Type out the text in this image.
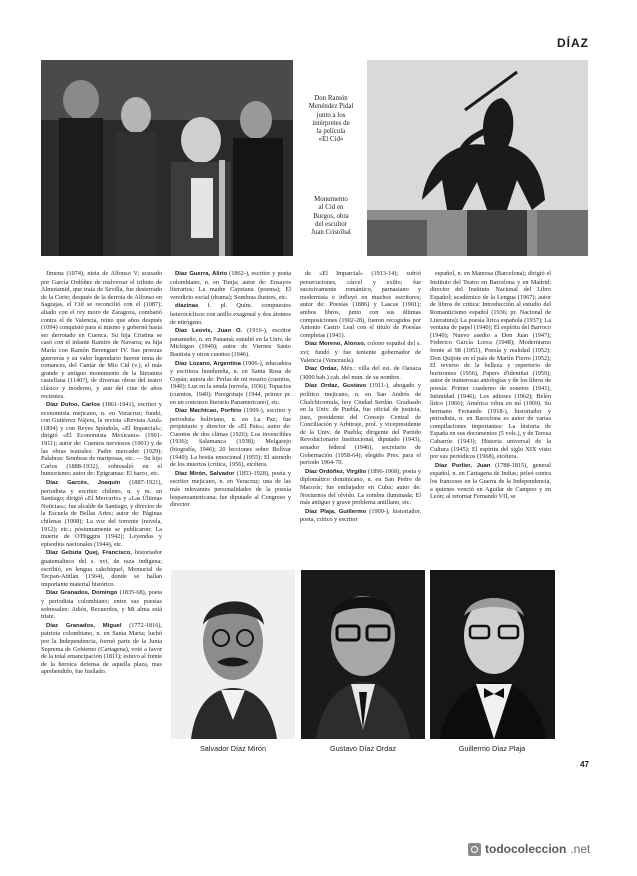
DÍAZ
Don Ramón
Menéndez Pidal
junto a los
intérpretes de
la película
«El Cid»
Monumento
al Cid en
Burgos, obra
del escultor
Juan Cristóbal

Jimena (1074), nieta de Alfonso V; acusado por García Ordóñez de malversar el tributo de Almotamid, que traía de Sevilla, fue desterrado de la Corte; después de la derrota de Alfonso en Sagrajas, el Cid se reconcilió con él (1087); aliado con el rey moro de Zaragoza, combatió contra el de Valencia, reino que años después (1094) conquistó para sí mismo y gobernó hasta ser derrotado en Cuenca. Su hija Cristina se casó con el infante Ramiro de Navarra; su hija María con Ramón Berenguer IV. Sus proezas guerreras y su valor legendario fueron tema de romances, del Cantar de Mio Cid (v.), el más grande y antiguo monumento de la literatura castellana (1140?), de diversas obras del teatro clásico y moderno, y aun del cine de años recientes.

Díaz Dufoo, Carlos (1861-1941), escritor y economista mejicano, n. en Veracruz; fundó, con Gutiérrez Nájera, la revista «Revista Azul» (1894) y con Reyes Spíndola, «El Imparcial»; dirigió «El Economista Mexicano» (1901-1911); autor de: Cuentos nerviosos (1901) y de las obras teatrales: Padre mercader (1929); Palabras: Sombras de mariposas, etc. — Su hijo Carlos (1888-1932), sobresalió en el humorismo; autor de: Epigramas: El barco, etc.

Díaz Garcés, Joaquín (1887-1921), periodista y escritor chileno, n. y m. en Santiago; dirigió «El Mercurio» y «Las Últimas Noticias»; fue alcalde de Santiago, y director de la Escuela de Bellas Artes; autor de: Páginas chilenas (1908); La voz del torrente (novela, 1912); etc.; póstumamente se publicaron: La muerte de O'Higgins (1942); Leyendas y episodios nacionales (1944), etc.

Díaz Gebuta Quej, Francisco, historiador guatemalteco del s. xvi, de raza indígena; escribió, en lengua cakchiquel, Memorial de Tecpan-Atitlán (1564), donde se hallan importante material histórico.

Díaz Granados, Domingo (1835-68), poeta y periodista colombiano; entre sus poesías sobresalen: Adiós, Recuerdos, y Mi alma está triste.

Díaz Granados, Miguel (1772-1816), patriota colombiano, n. en Santa Marta; luchó por la Independencia, formó parte de la Junta Suprema de Gobierno (Cartagena), votó a favor de la total emancipación (1811); estuvo al frente de la heroica defensa de aquella plaza, mas aprehendido, fue fusilado.

Díaz Guerra, Alirio (1862-), escritor y poeta colombiano, n. en Tunja; autor de: Ensayos literarios; La madre Cayetana (poema); El veredicto social (drama); Sombras ilustres, etc.

diazinas f. pl. Quím. compuestos heterocíclicos con anillo exagonal y dos átomos de nitrógeno.

Díaz Leovis, Juan O. (1916-), escritor panameño, n. en Panamá; estudió en la Univ. de Michigan (1949); autor de Viernes Santo Bautista y otros cuentos (1946).

Díaz Lozano, Argentina (1906-), educadora y escritora hondureña, n. en Santa Rosa de Copán; autora de: Perlas de mi rosario (cuentos, 1940); Luz en la senda (novela, 1936); Topacios (cuentos, 1940); Peregrinaje (1944, primer pr. en un concurso literario Panamericano), etc.

Díaz Machicao, Porfirio (1909-), escritor y periodista boliviano, n. en La Paz; fue propietario y director de «El Pais»; autor de: Cuentos de dos climas (1926); Los invencibles (1936); Salamanca (1938); Melgarejo (biografía, 1946); 20 lecciones sobre Bolívar (1949); La bestia emocional (1955); El atenedo de los muertos (crítica, 1956), etcétera.

Díaz Mirón, Salvador (1853-1928), poeta y escritor mejicano, n. en Veracruz; una de las más relevantes personalidades de la poesía hispanoamericana; fue diputado al Congreso y director

de «El Imparcial» (1913-14); sufrió persecuciones, cárcel y exilio; fue sucesivamente romántico, parnasiano y modernista e influyó en muchos escritores; autor de: Poesías (1886) y Lascas (1901); ambos libros, junto con sus últimas composiciones (1902-28), fueron recogidos por Antonio Castro Leal con el título de Poesías completas (1941).

Díaz Moreno, Alonso, colono español del s. xvi; fundó y fue teniente gobernador de Valencia (Venezuela).

Díaz Ordaz, Méx.: villa del est. de Oaxaca (3000 hab.) cab. del mun. de su nombre.

Díaz Ordaz, Gustavo (1911-), abogado y político mejicano, n. en San Andrés de Chalchicomula, hoy Ciudad Serdán. Graduado en la Univ. de Puebla, fue oficial de justicia, juez, presidente del Consejo Central de Conciliación y Arbitraje, prof. y vicepresidente de la Univ. de Puebla; dirigente del Partido Revolucionario Institucional, diputado (1943), senador federal (1946), secretario de Gobernación (1958-64); elegido Pres. para el periodo 1964-70.

Díaz Ordóñez, Virgilio (1896-1968), poeta y diplomático dominicano, n. en San Pedro de Macorís; fue embajador en Cuba; autor de: Nocturnos del olvido. La sombra iluminada; El más antiguo y grave problema antillano, etc.

Díaz Plaja, Guillermo (1909-), historiador, poeta, crítico y escritor

español, n. en Manresa (Barcelona); dirigió el Instituto del Teatro en Barcelona y en Madrid; director del Instituto Nacional del Libro Español; académico de la Lengua (1967); autor de libros de crítica: Introducción al estudio del Romanticismo español (1936; pr. Nacional de Literatura); La poesía lírica española (1937); La ventana de papel (1940); El espíritu del Barroco (1940); Nuevo asedio a Don Juan (1947); Federico García Lorca (1948); Modernismo frente al 98 (1951), Poesía y realidad (1952); Don Quijote en el país de Martín Fierro (1952); El reverso de la belleza y repertorio de horizontes (1956), Papers d'identitat (1959); autor de numerosas antologías y de los libros de poesía: Primer cuaderno de sonetos (1941), Intimidad (1946); Los adioses (1962); Belén lírico (1966); América vibra en mí (1969). Su hermano Fernando (1918-), historiador y periodista, n. en Barcelona es autor de varias compilaciones importantes: La historia de España en sus documentos (5 vols.), y de Teresa Cabarrús (1943); Historia universal de la Cultura (1945); El espíritu del siglo XIX visto por sus periódicos (1968), etcétera.

Díaz Porlier, Juan (1788-1815), general español, n. en Cartagena de Indias; peleó contra los franceses en la Guerra de la Independencia, a quienes venció en Aguilar de Campoo y en León; al retornar Fernando VII, se

Salvador Díaz Mirón	Gustavo Díaz Ordaz	Guillermo Díaz Plaja
47
todocoleccion .net
